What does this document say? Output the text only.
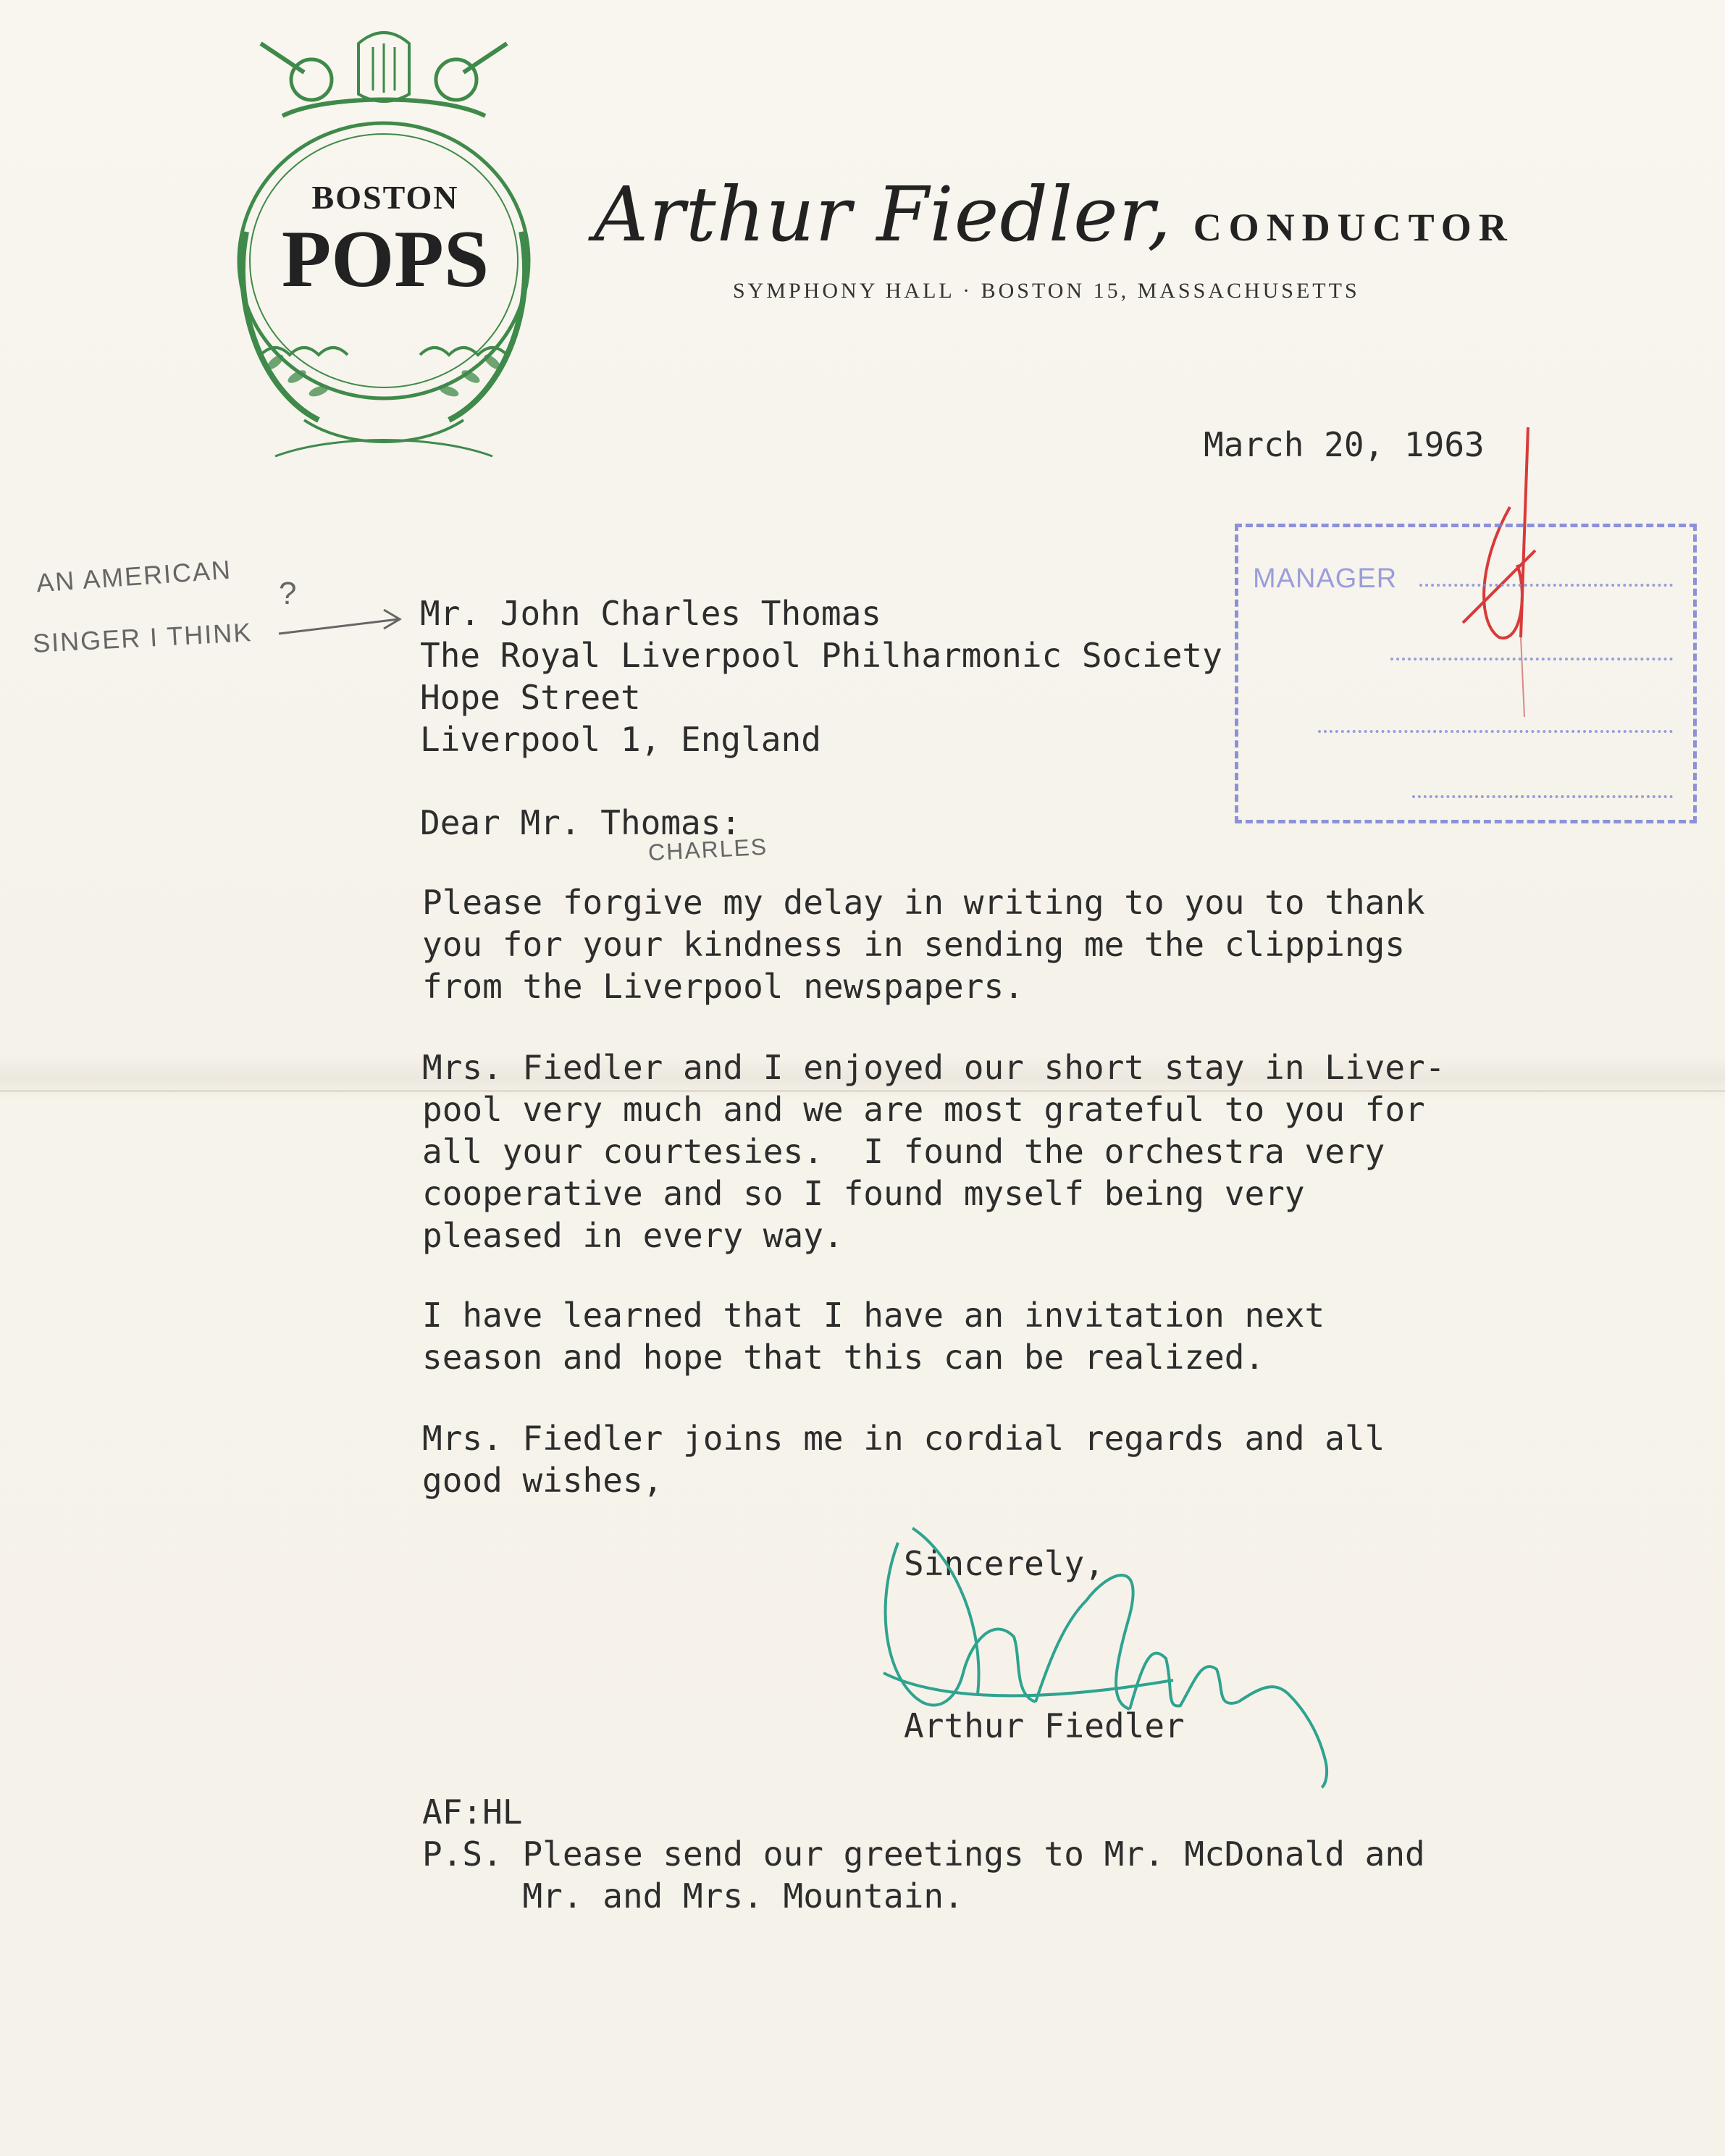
BOSTON
POPS Arthur Fiedler, CONDUCTOR
SYMPHONY HALL · BOSTON 15, MASSACHUSETTS
March 20, 1963
MANAGER
AN AMERICAN
SINGER I THINK
?
Mr. John Charles Thomas
The Royal Liverpool Philharmonic Society
Hope Street
Liverpool 1, England
Dear Mr. Thomas:
CHARLES
Please forgive my delay in writing to you to thank
you for your kindness in sending me the clippings
from the Liverpool newspapers.
Mrs. Fiedler and I enjoyed our short stay in Liver-
pool very much and we are most grateful to you for
all your courtesies.  I found the orchestra very
cooperative and so I found myself being very
pleased in every way.
I have learned that I have an invitation next
season and hope that this can be realized.
Mrs. Fiedler joins me in cordial regards and all
good wishes,
Sincerely,
Arthur Fiedler
AF:HL
P.S. Please send our greetings to Mr. McDonald and
Mr. and Mrs. Mountain.
